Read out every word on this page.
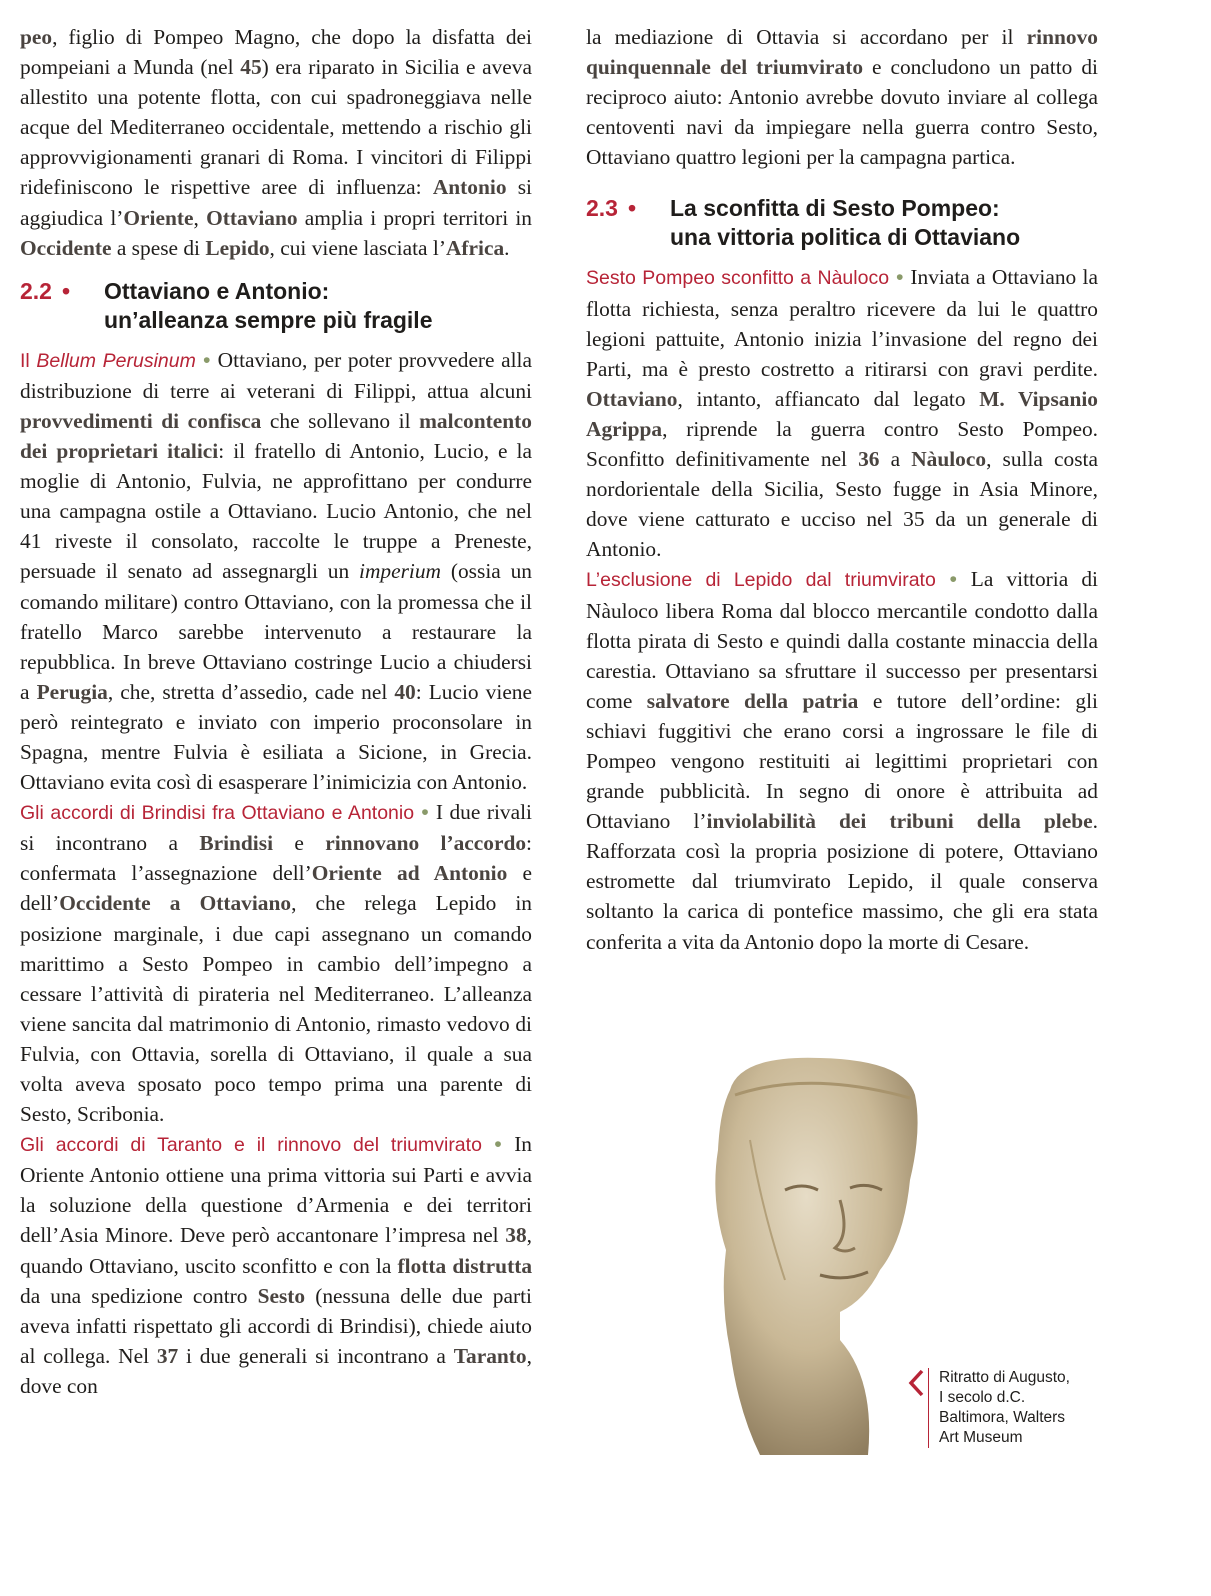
peo, figlio di Pompeo Magno, che dopo la disfatta dei pompeiani a Munda (nel 45) era riparato in Sicilia e aveva allestito una potente flotta, con cui spadroneggiava nelle acque del Mediterraneo occidentale, mettendo a rischio gli approvvigionamenti granari di Roma. I vincitori di Filippi ridefiniscono le rispettive aree di influenza: Antonio si aggiudica l’Oriente, Ottaviano amplia i propri territori in Occidente a spese di Lepido, cui viene lasciata l’Africa.

2.2 •	Ottaviano e Antonio:
un’alleanza sempre più fragile

Il Bellum Perusinum • Ottaviano, per poter provvedere alla distribuzione di terre ai veterani di Filippi, attua alcuni provvedimenti di confisca che sollevano il malcontento dei proprietari italici: il fratello di Antonio, Lucio, e la moglie di Antonio, Fulvia, ne approfittano per condurre una campagna ostile a Ottaviano. Lucio Antonio, che nel 41 riveste il consolato, raccolte le truppe a Preneste, persuade il senato ad assegnargli un imperium (ossia un comando militare) contro Ottaviano, con la promessa che il fratello Marco sarebbe intervenuto a restaurare la repubblica. In breve Ottaviano costringe Lucio a chiudersi a Perugia, che, stretta d’assedio, cade nel 40: Lucio viene però reintegrato e inviato con imperio proconsolare in Spagna, mentre Fulvia è esiliata a Sicione, in Grecia. Ottaviano evita così di esasperare l’inimicizia con Antonio.

Gli accordi di Brindisi fra Ottaviano e Antonio • I due rivali si incontrano a Brindisi e rinnovano l’accordo: confermata l’assegnazione dell’Oriente ad Antonio e dell’Occidente a Ottaviano, che relega Lepido in posizione marginale, i due capi assegnano un comando marittimo a Sesto Pompeo in cambio dell’impegno a cessare l’attività di pirateria nel Mediterraneo. L’alleanza viene sancita dal matrimonio di Antonio, rimasto vedovo di Fulvia, con Ottavia, sorella di Ottaviano, il quale a sua volta aveva sposato poco tempo prima una parente di Sesto, Scribonia.

Gli accordi di Taranto e il rinnovo del triumvirato • In Oriente Antonio ottiene una prima vittoria sui Parti e avvia la soluzione della questione d’Armenia e dei territori dell’Asia Minore. Deve però accantonare l’impresa nel 38, quando Ottaviano, uscito sconfitto e con la flotta distrutta da una spedizione contro Sesto (nessuna delle due parti aveva infatti rispettato gli accordi di Brindisi), chiede aiuto al collega. Nel 37 i due generali si incontrano a Taranto, dove con

la mediazione di Ottavia si accordano per il rinnovo quinquennale del triumvirato e concludono un patto di reciproco aiuto: Antonio avrebbe dovuto inviare al collega centoventi navi da impiegare nella guerra contro Sesto, Ottaviano quattro legioni per la campagna partica.

2.3 •	La sconfitta di Sesto Pompeo:
una vittoria politica di Ottaviano

Sesto Pompeo sconfitto a Nàuloco • Inviata a Ottaviano la flotta richiesta, senza peraltro ricevere da lui le quattro legioni pattuite, Antonio inizia l’invasione del regno dei Parti, ma è presto costretto a ritirarsi con gravi perdite. Ottaviano, intanto, affiancato dal legato M. Vipsanio Agrippa, riprende la guerra contro Sesto Pompeo. Sconfitto definitivamente nel 36 a Nàuloco, sulla costa nordorientale della Sicilia, Sesto fugge in Asia Minore, dove viene catturato e ucciso nel 35 da un generale di Antonio.

L’esclusione di Lepido dal triumvirato • La vittoria di Nàuloco libera Roma dal blocco mercantile condotto dalla flotta pirata di Sesto e quindi dalla costante minaccia della carestia. Ottaviano sa sfruttare il successo per presentarsi come salvatore della patria e tutore dell’ordine: gli schiavi fuggitivi che erano corsi a ingrossare le file di Pompeo vengono restituiti ai legittimi proprietari con grande pubblicità. In segno di onore è attribuita ad Ottaviano l’inviolabilità dei tribuni della plebe. Rafforzata così la propria posizione di potere, Ottaviano estromette dal triumvirato Lepido, il quale conserva soltanto la carica di pontefice massimo, che gli era stata conferita a vita da Antonio dopo la morte di Cesare.

Ritratto di Augusto,
I secolo d.C.
Baltimora, Walters
Art Museum
